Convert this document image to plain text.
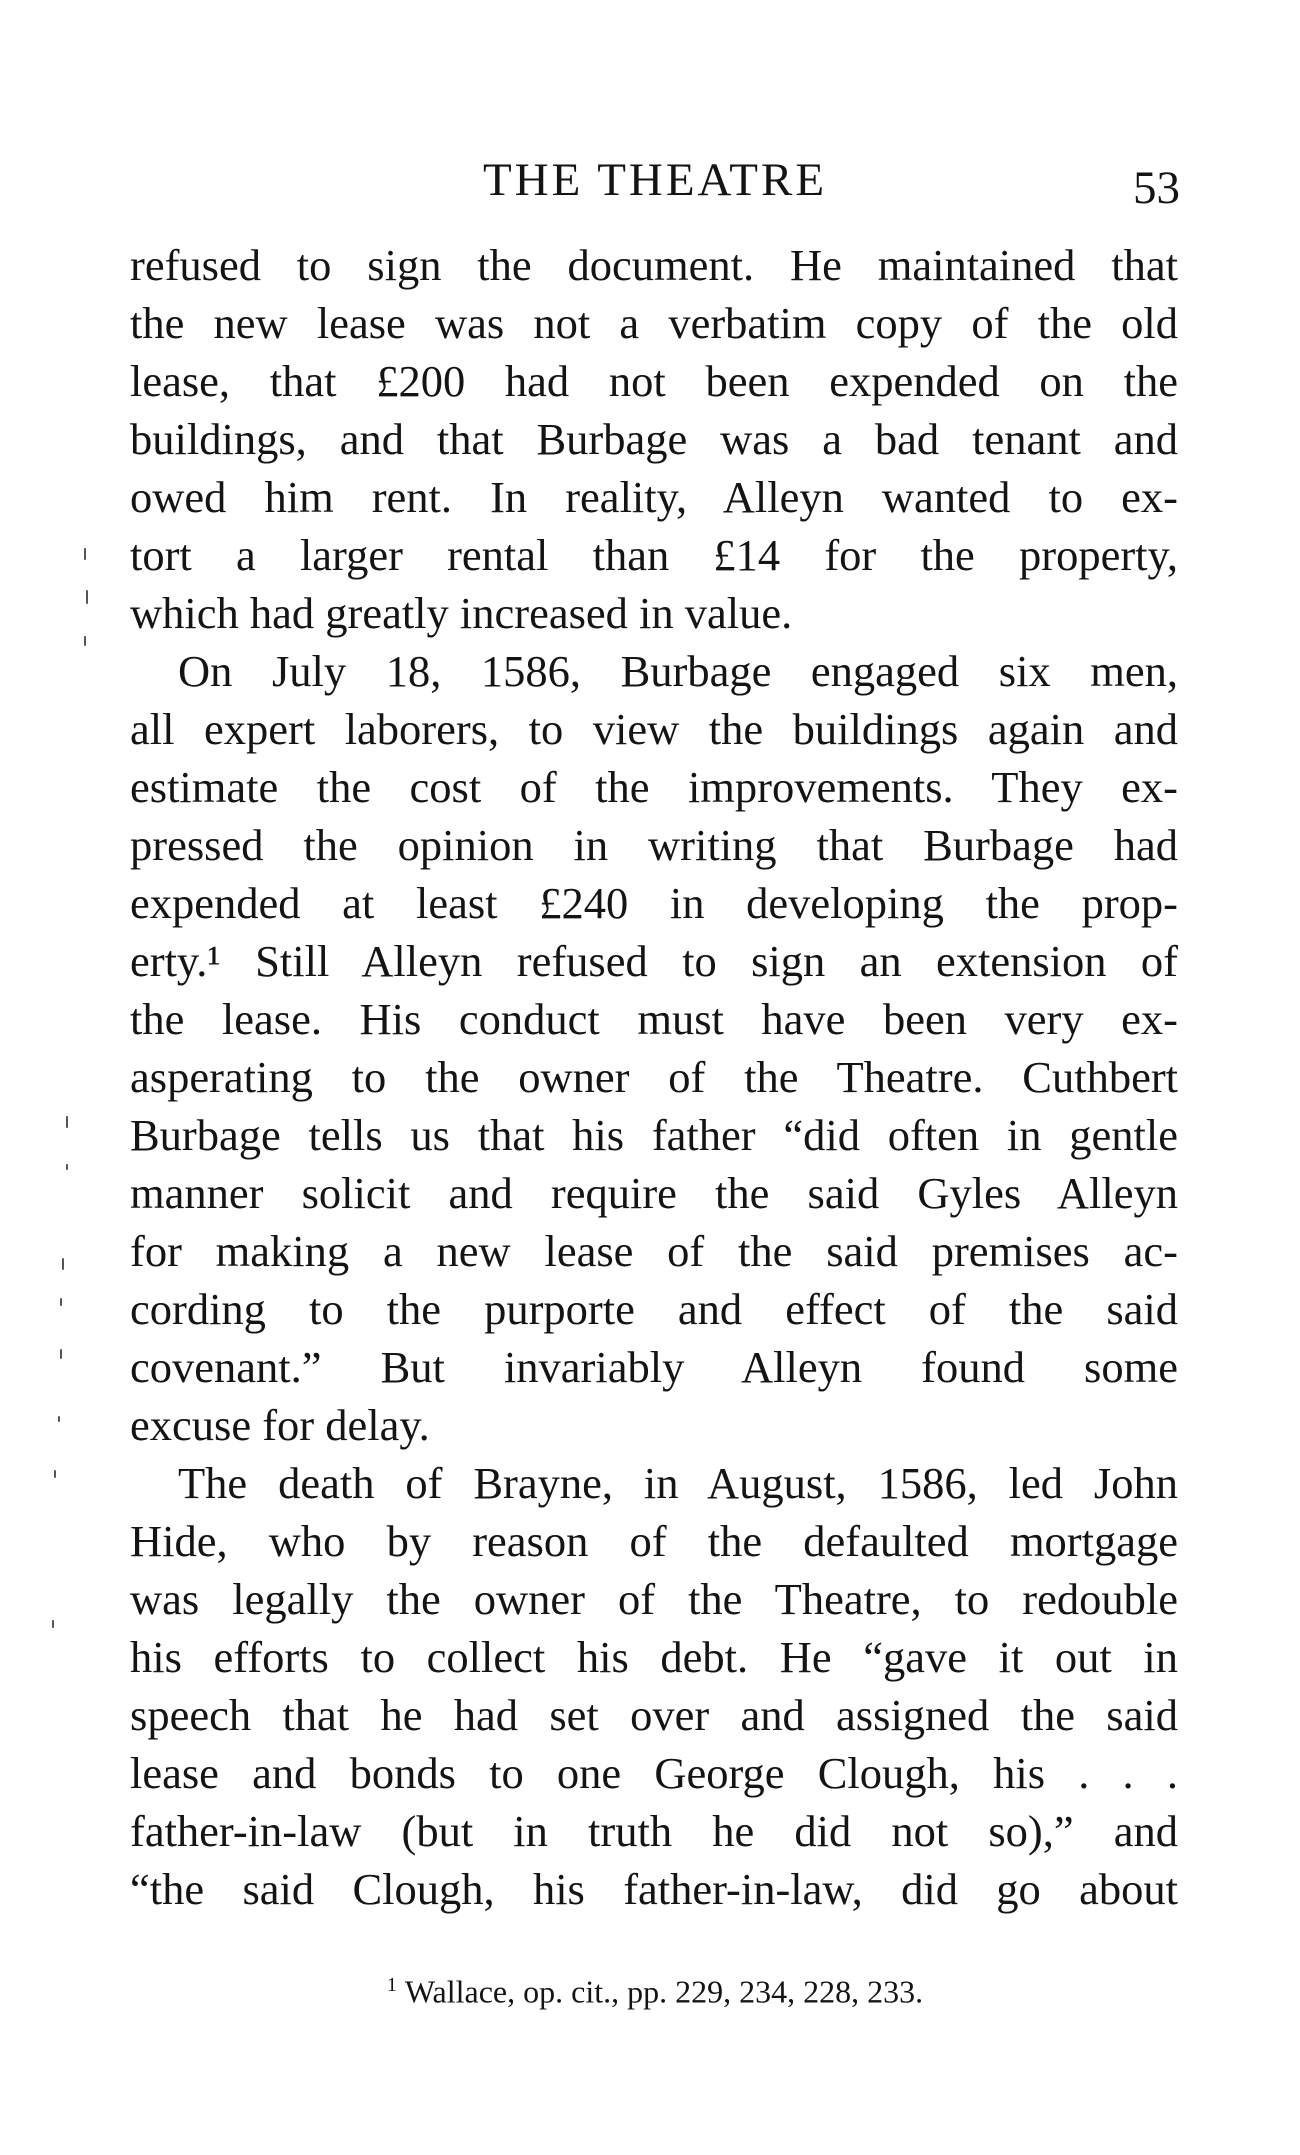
THE THEATRE	53
refused to sign the document. He maintained that
the new lease was not a verbatim copy of the old
lease, that £200 had not been expended on the
buildings, and that Burbage was a bad tenant and
owed him rent. In reality, Alleyn wanted to ex-
tort a larger rental than £14 for the property,
which had greatly increased in value.
On July 18, 1586, Burbage engaged six men,
all expert laborers, to view the buildings again and
estimate the cost of the improvements. They ex-
pressed the opinion in writing that Burbage had
expended at least £240 in developing the prop-
erty.¹ Still Alleyn refused to sign an extension of
the lease. His conduct must have been very ex-
asperating to the owner of the Theatre. Cuthbert
Burbage tells us that his father “did often in gentle
manner solicit and require the said Gyles Alleyn
for making a new lease of the said premises ac-
cording to the purporte and effect of the said
covenant.” But invariably Alleyn found some
excuse for delay.
The death of Brayne, in August, 1586, led John
Hide, who by reason of the defaulted mortgage
was legally the owner of the Theatre, to redouble
his efforts to collect his debt. He “gave it out in
speech that he had set over and assigned the said
lease and bonds to one George Clough, his . . .
father-in-law (but in truth he did not so),” and
“the said Clough, his father-in-law, did go about
$^1$ Wallace, op. cit., pp. 229, 234, 228, 233.
